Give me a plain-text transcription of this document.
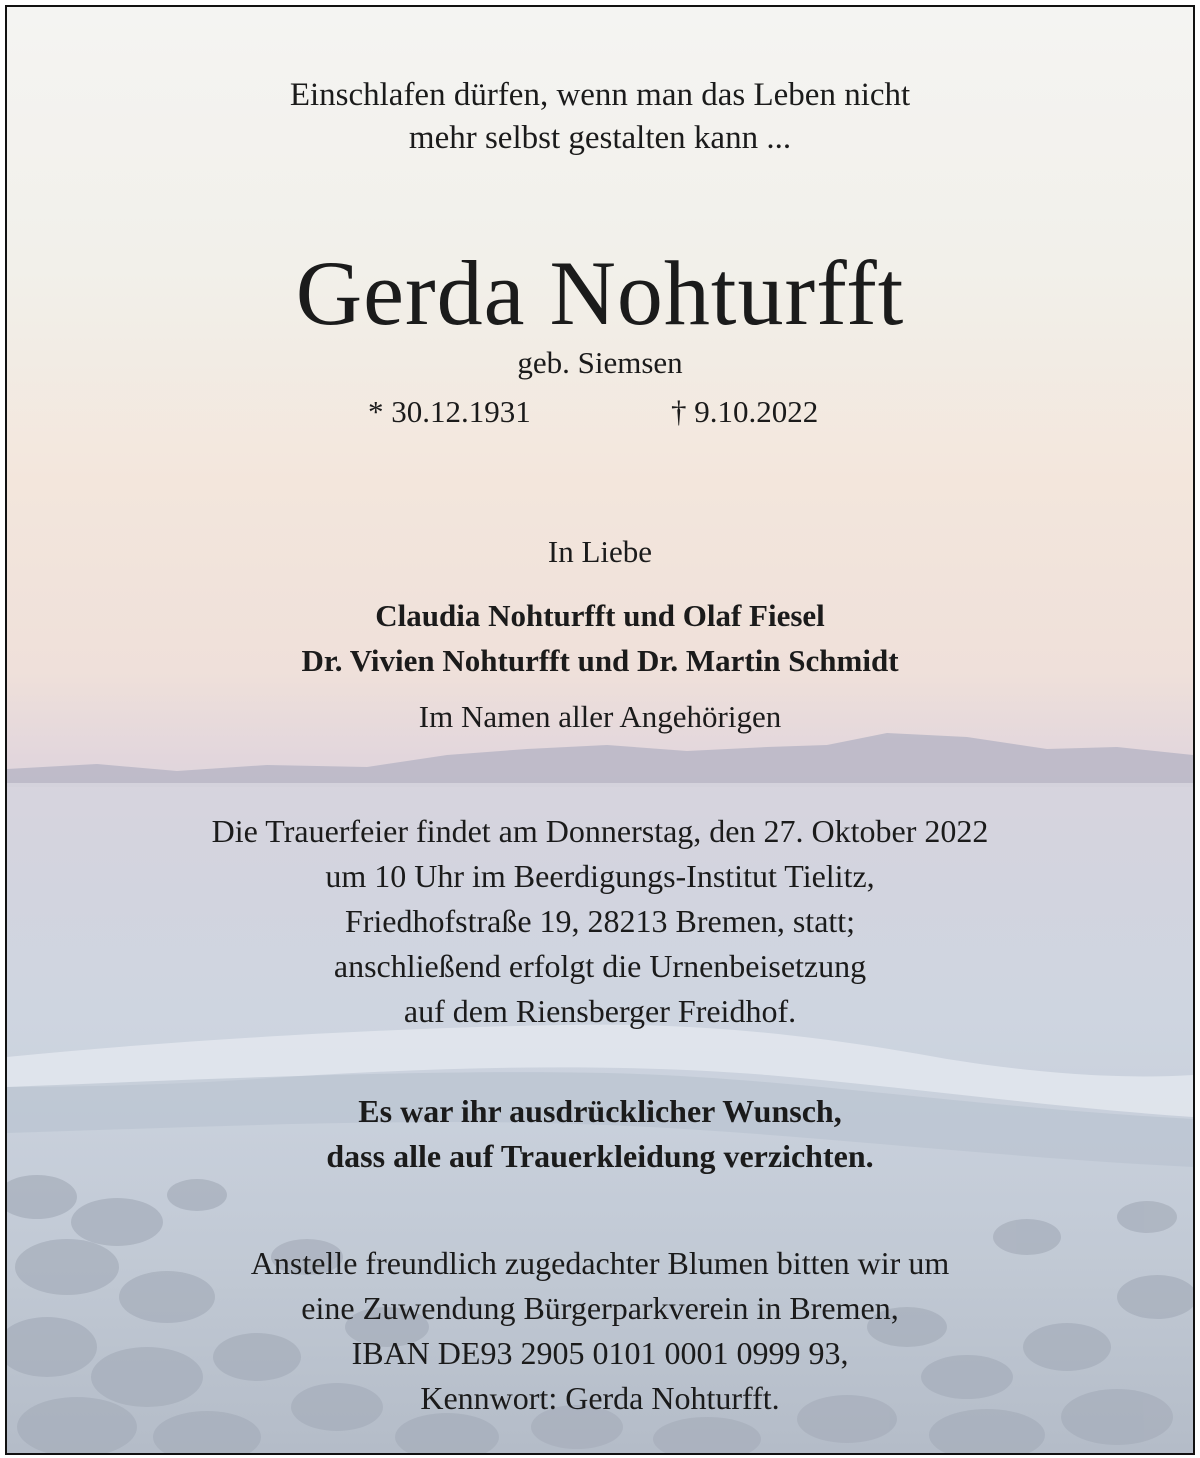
Einschlafen dürfen, wenn man das Leben nicht
mehr selbst gestalten kann ...
Gerda Nohturfft
geb. Siemsen
* 30.12.1931	† 9.10.2022
In Liebe
Claudia Nohturfft und Olaf Fiesel
Dr. Vivien Nohturfft und Dr. Martin Schmidt
Im Namen aller Angehörigen
Die Trauerfeier findet am Donnerstag, den 27. Oktober 2022
um 10 Uhr im Beerdigungs-Institut Tielitz,
Friedhofstraße 19, 28213 Bremen, statt;
anschließend erfolgt die Urnenbeisetzung
auf dem Riensberger Freidhof.
Es war ihr ausdrücklicher Wunsch,
dass alle auf Trauerkleidung verzichten.
Anstelle freundlich zugedachter Blumen bitten wir um
eine Zuwendung Bürgerparkverein in Bremen,
IBAN DE93 2905 0101 0001 0999 93,
Kennwort: Gerda Nohturfft.
